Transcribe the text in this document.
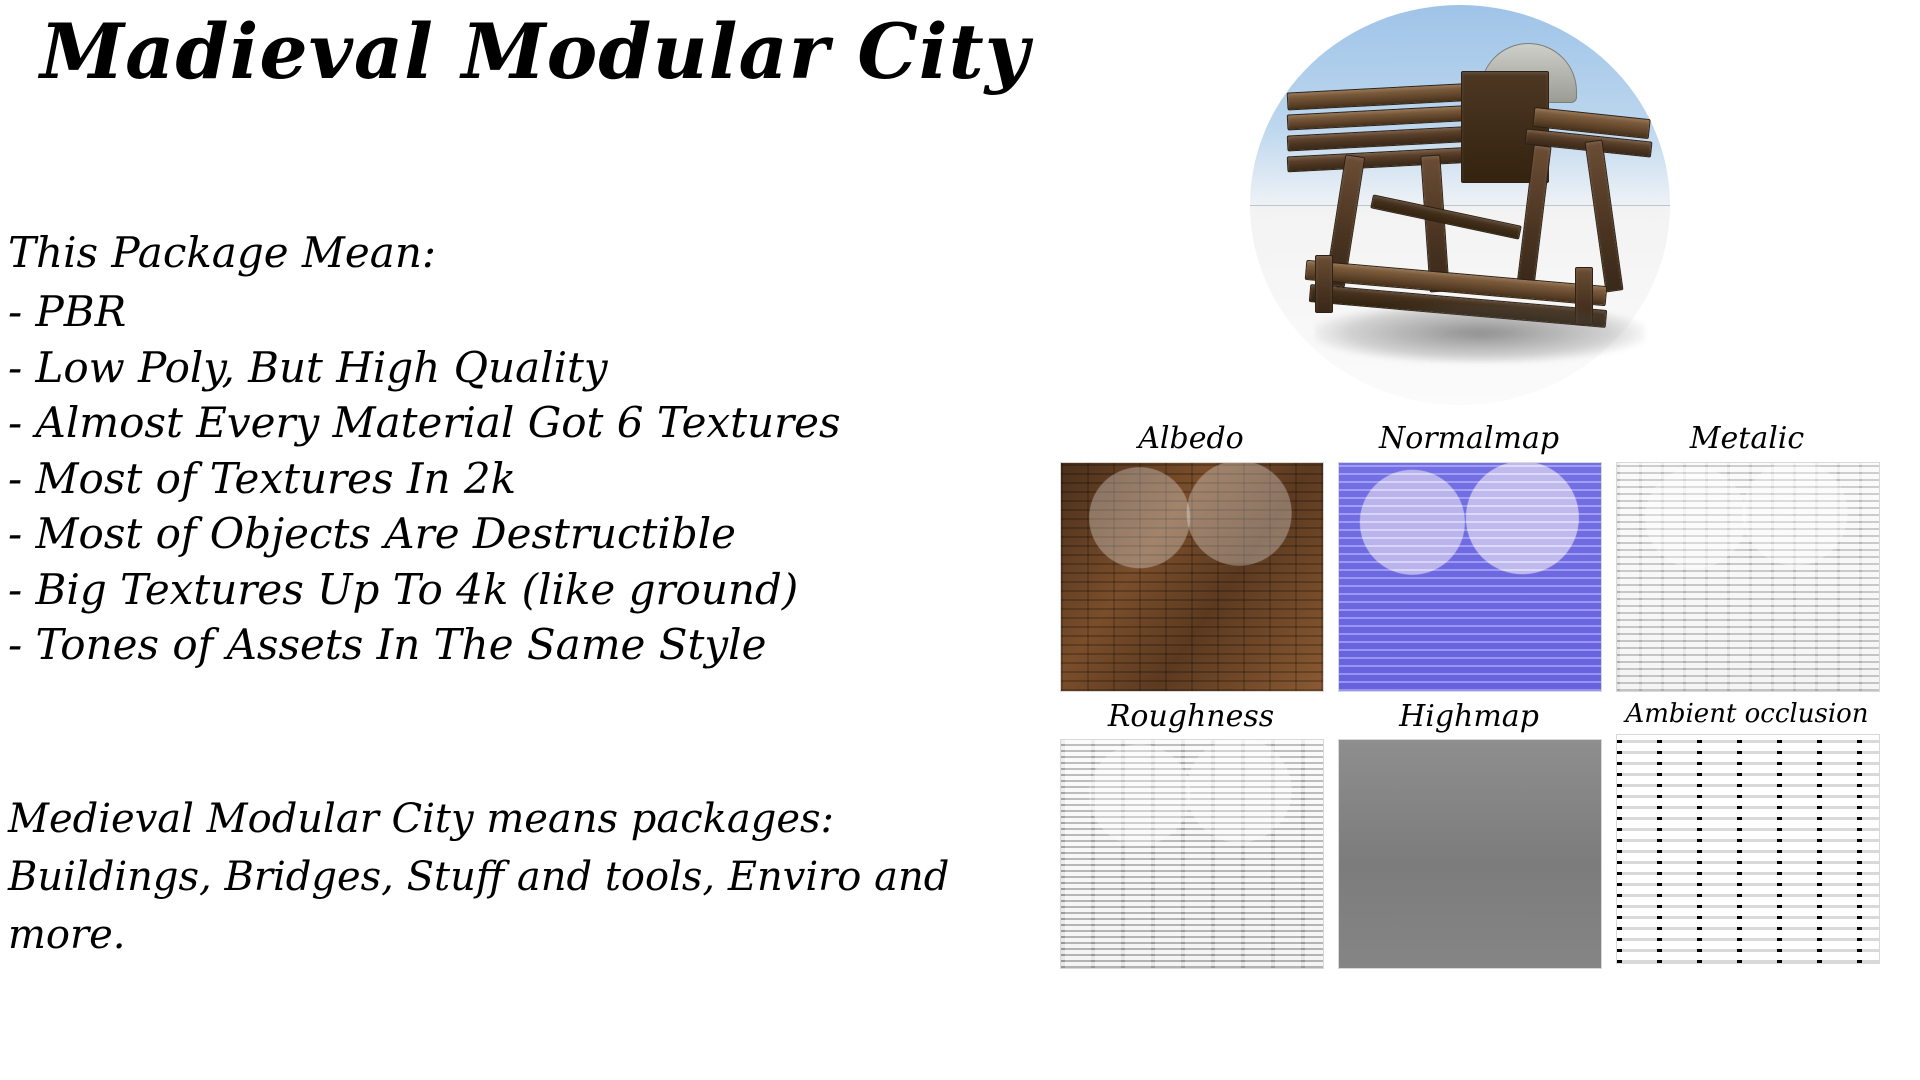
Madieval Modular City
This Package Mean:
- PBR
- Low Poly, But High Quality
- Almost Every Material Got 6 Textures
- Most of Textures In 2k
- Most of Objects Are Destructible
- Big Textures Up To 4k (like ground)
- Tones of Assets In The Same Style
Medieval Modular City means packages:
Buildings, Bridges, Stuff and tools, Enviro and
more.
Albedo	Normalmap	Metalic
Roughness	Highmap	Ambient occlusion
